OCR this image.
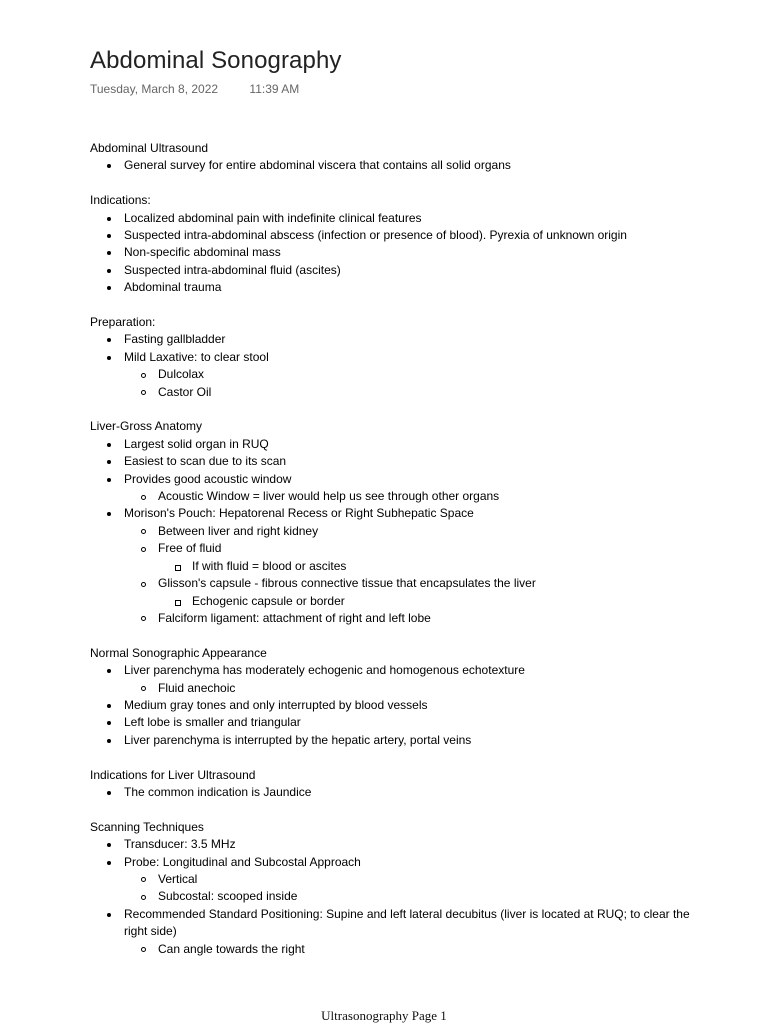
Abdominal Sonography
Tuesday, March 8, 2022	11:39 AM
Abdominal Ultrasound
General survey for entire abdominal viscera that contains all solid organs
Indications:
Localized abdominal pain with indefinite clinical features
Suspected intra-abdominal abscess (infection or presence of blood). Pyrexia of unknown origin
Non-specific abdominal mass
Suspected intra-abdominal fluid (ascites)
Abdominal trauma
Preparation:
Fasting gallbladder
Mild Laxative: to clear stool
Dulcolax
Castor Oil
Liver-Gross Anatomy
Largest solid organ in RUQ
Easiest to scan due to its scan
Provides good acoustic window
Acoustic Window = liver would help us see through other organs
Morison's Pouch: Hepatorenal Recess or Right Subhepatic Space
Between liver and right kidney
Free of fluid
If with fluid = blood or ascites
Glisson's capsule - fibrous connective tissue that encapsulates the liver
Echogenic capsule or border
Falciform ligament: attachment of right and left lobe
Normal Sonographic Appearance
Liver parenchyma has moderately echogenic and homogenous echotexture
Fluid anechoic
Medium gray tones and only interrupted by blood vessels
Left lobe is smaller and triangular
Liver parenchyma is interrupted by the hepatic artery, portal veins
Indications for Liver Ultrasound
The common indication is Jaundice
Scanning Techniques
Transducer: 3.5 MHz
Probe: Longitudinal and Subcostal Approach
Vertical
Subcostal: scooped inside
Recommended Standard Positioning: Supine and left lateral decubitus (liver is located at RUQ; to clear the right side)
Can angle towards the right
Ultrasonography Page 1
